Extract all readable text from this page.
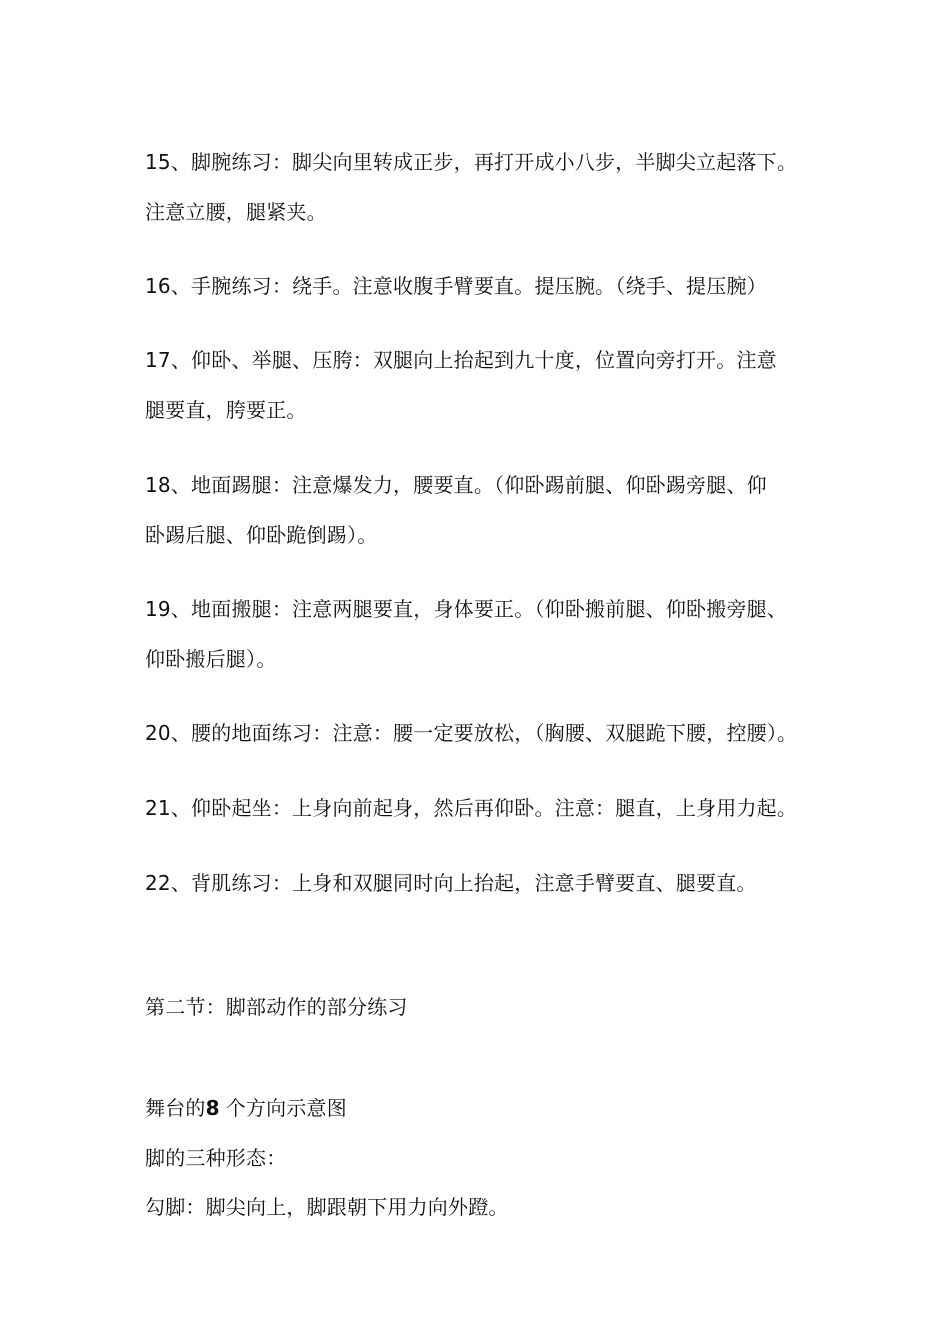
15、脚腕练习：脚尖向里转成正步，再打开成小八步，半脚尖立起落下。
注意立腰，腿紧夹。
16、手腕练习：绕手。注意收腹手臂要直。提压腕。（绕手、提压腕）
17、仰卧、举腿、压胯：双腿向上抬起到九十度，位置向旁打开。注意
腿要直，胯要正。
18、地面踢腿：注意爆发力，腰要直。（仰卧踢前腿、仰卧踢旁腿、仰
卧踢后腿、仰卧跪倒踢）。
19、地面搬腿：注意两腿要直，身体要正。（仰卧搬前腿、仰卧搬旁腿、
仰卧搬后腿）。
20、腰的地面练习：注意：腰一定要放松，（胸腰、双腿跪下腰，控腰）。
21、仰卧起坐：上身向前起身，然后再仰卧。注意：腿直，上身用力起。
22、背肌练习：上身和双腿同时向上抬起，注意手臂要直、腿要直。
第二节：脚部动作的部分练习
舞台的8 个方向示意图
脚的三种形态：
勾脚：脚尖向上，脚跟朝下用力向外蹬。
